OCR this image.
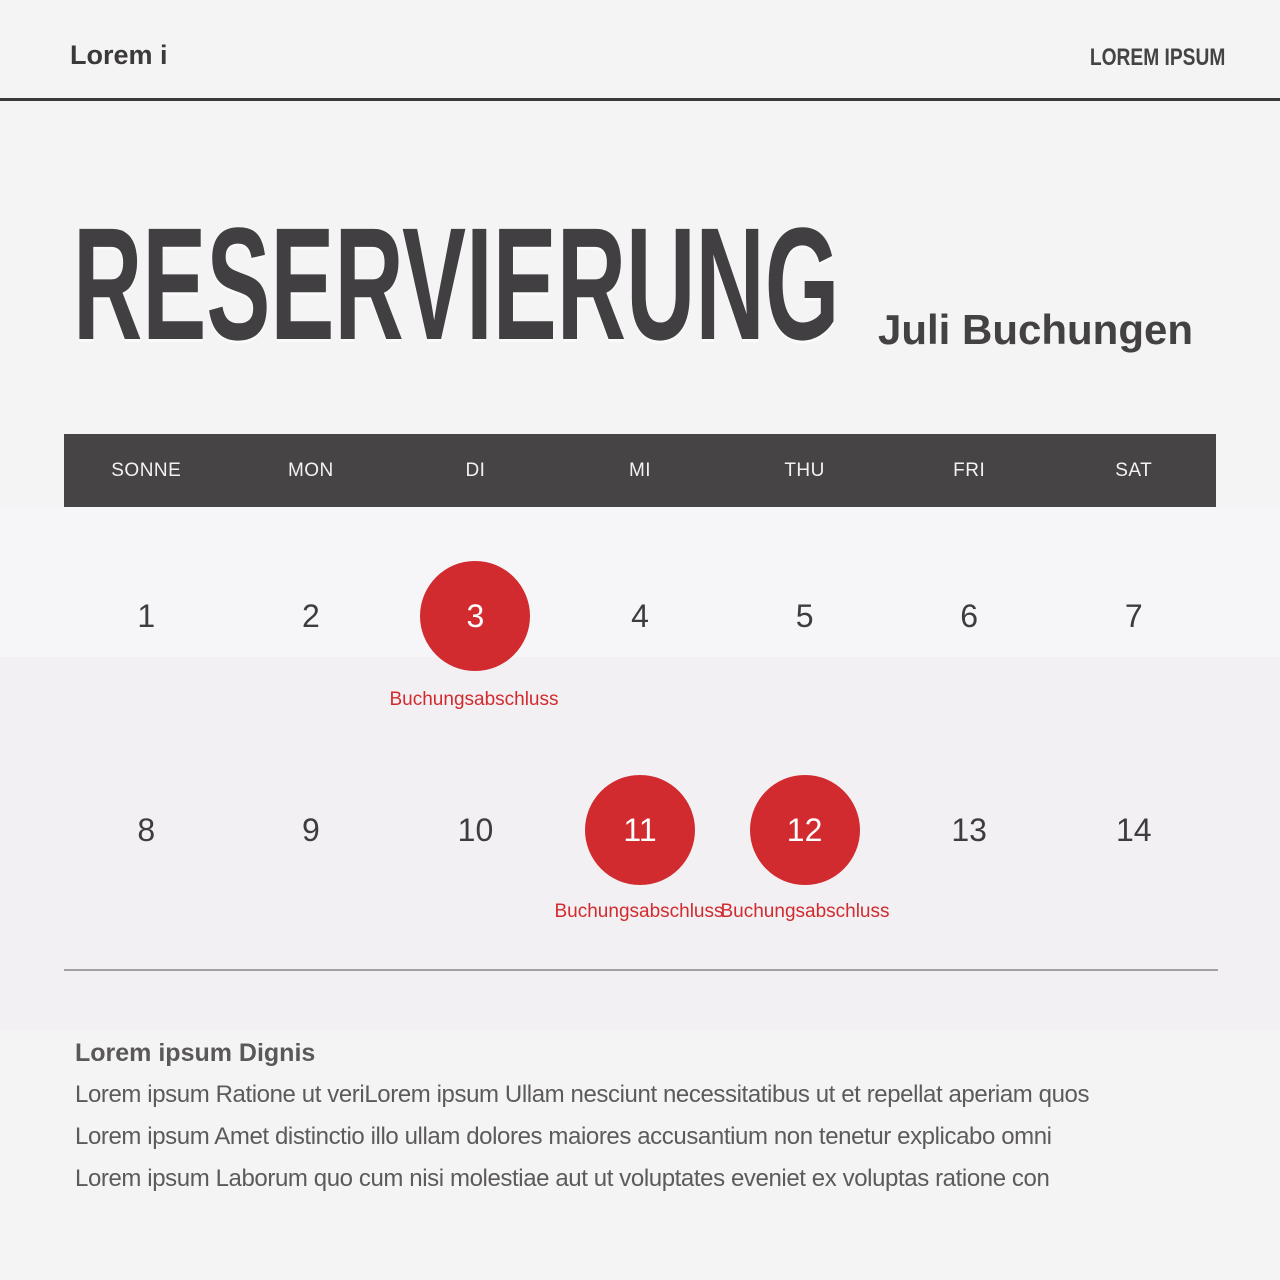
Lorem i	LOREM IPSUM
RESERVIERUNG Juli Buchungen
SONNE	MON	DI	MI	THU	FRI	SAT
1	2	3	4	5	6	7
Buchungsabschluss
8	9	10	11	12	13	14
Buchungsabschluss
Buchungsabschluss

Lorem ipsum Dignis

Lorem ipsum Ratione ut veriLorem ipsum Ullam nesciunt necessitatibus ut et repellat aperiam quos

Lorem ipsum Amet distinctio illo ullam dolores maiores accusantium non tenetur explicabo omni

Lorem ipsum Laborum quo cum nisi molestiae aut ut voluptates eveniet ex voluptas ratione con
